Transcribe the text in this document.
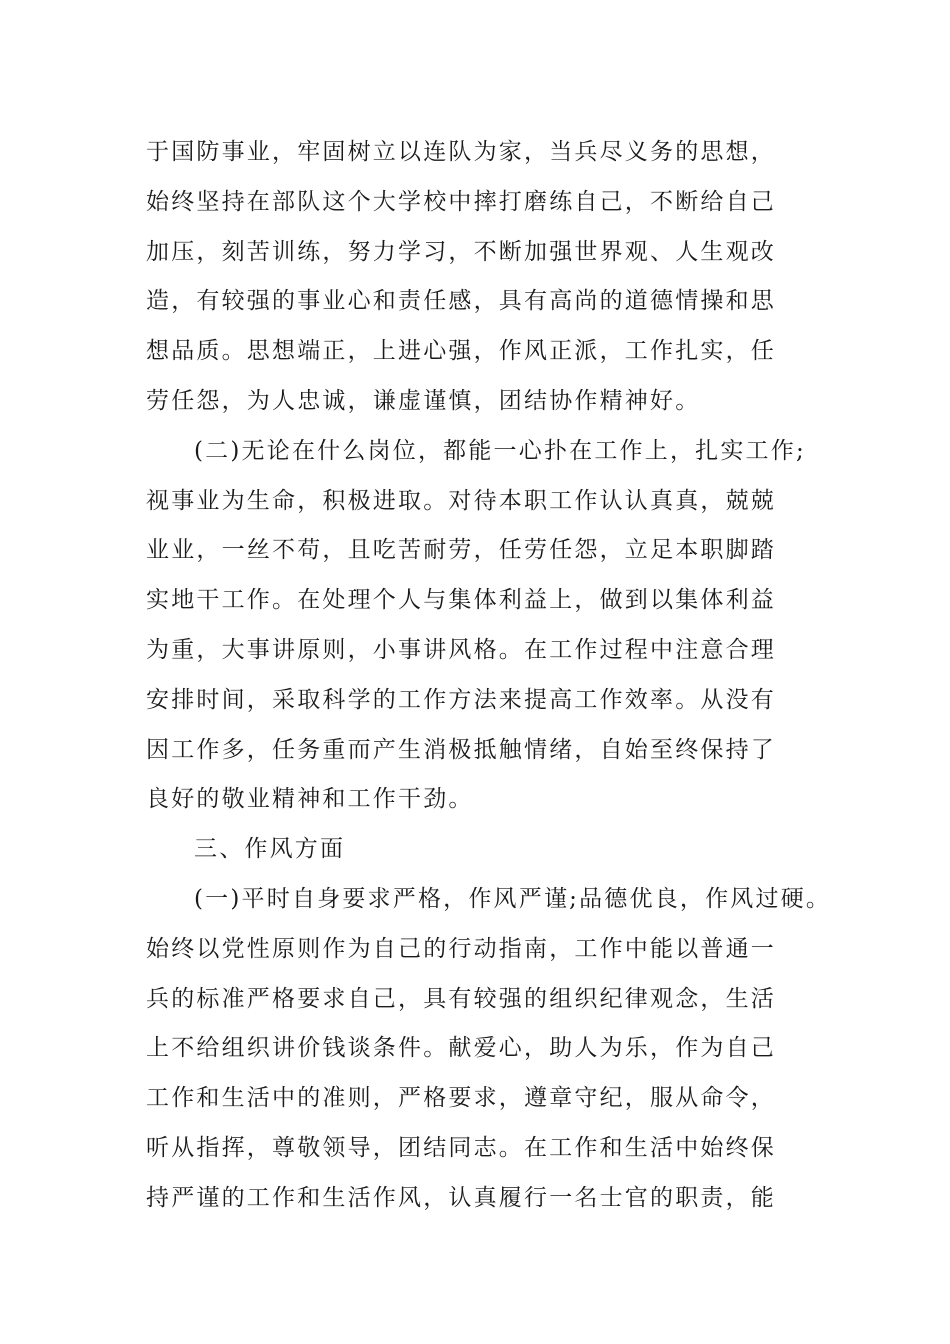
于国防事业，牢固树立以连队为家，当兵尽义务的思想，
始终坚持在部队这个大学校中摔打磨练自己，不断给自己
加压，刻苦训练，努力学习，不断加强世界观、人生观改
造，有较强的事业心和责任感，具有高尚的道德情操和思
想品质。思想端正，上进心强，作风正派，工作扎实，任
劳任怨，为人忠诚，谦虚谨慎，团结协作精神好。
(二)无论在什么岗位，都能一心扑在工作上，扎实工作;
视事业为生命，积极进取。对待本职工作认认真真，兢兢
业业，一丝不苟，且吃苦耐劳，任劳任怨，立足本职脚踏
实地干工作。在处理个人与集体利益上，做到以集体利益
为重，大事讲原则，小事讲风格。在工作过程中注意合理
安排时间，采取科学的工作方法来提高工作效率。从没有
因工作多，任务重而产生消极抵触情绪，自始至终保持了
良好的敬业精神和工作干劲。
三、作风方面
(一)平时自身要求严格，作风严谨;品德优良，作风过硬。
始终以党性原则作为自己的行动指南，工作中能以普通一
兵的标准严格要求自己，具有较强的组织纪律观念，生活
上不给组织讲价钱谈条件。献爱心，助人为乐，作为自己
工作和生活中的准则，严格要求，遵章守纪，服从命令，
听从指挥，尊敬领导，团结同志。在工作和生活中始终保
持严谨的工作和生活作风，认真履行一名士官的职责，能
